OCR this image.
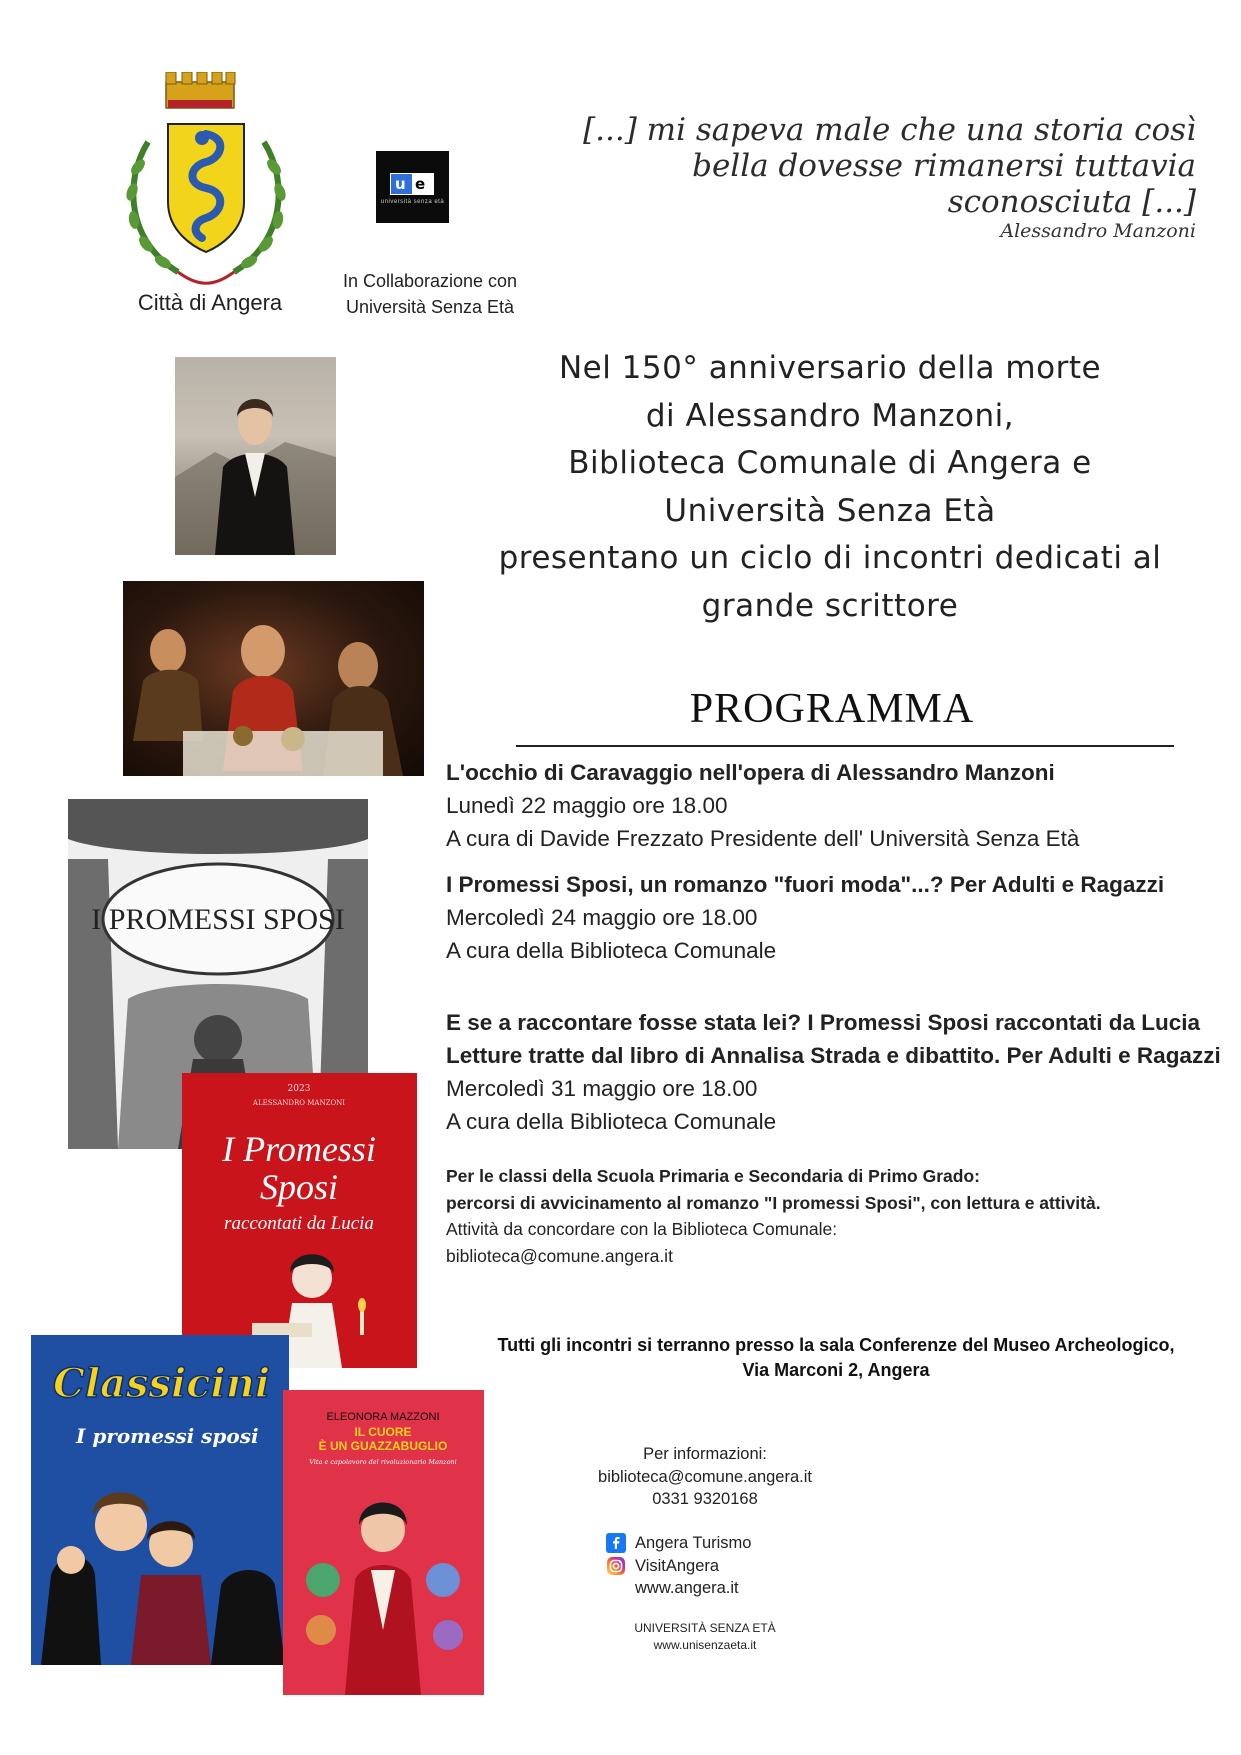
Città di Angera
u e
università senza età
In Collaborazione con
Università Senza Età
[...] mi sapeva male che una storia così
bella dovesse rimanersi tuttavia
sconosciuta [...]
Alessandro Manzoni
Nel 150° anniversario della morte
di Alessandro Manzoni,
Biblioteca Comunale di Angera e
Università Senza Età
presentano un ciclo di incontri dedicati al
grande scrittore
PROGRAMMA
L'occhio di Caravaggio nell'opera di Alessandro Manzoni
Lunedì 22 maggio ore 18.00
A cura di Davide Frezzato Presidente dell' Università Senza Età
I Promessi Sposi, un romanzo "fuori moda"...? Per Adulti e Ragazzi
Mercoledì 24 maggio ore 18.00
A cura della Biblioteca Comunale
E se a raccontare fosse stata lei? I Promessi Sposi raccontati da Lucia
Letture tratte dal libro di Annalisa Strada e dibattito. Per Adulti e Ragazzi
Mercoledì 31 maggio ore 18.00
A cura della Biblioteca Comunale
Per le classi della Scuola Primaria e Secondaria di Primo Grado:
percorsi di avvicinamento al romanzo "I promessi Sposi", con lettura e attività.
Attività da concordare con la Biblioteca Comunale:
biblioteca@comune.angera.it
Tutti gli incontri si terranno presso la sala Conferenze del Museo Archeologico,
Via Marconi 2, Angera
Per informazioni:
biblioteca@comune.angera.it
0331 9320168
Angera Turismo
VisitAngera
www.angera.it
UNIVERSITÀ SENZA ETÀ
www.unisenzaeta.it
I PROMESSI SPOSI
2023
ALESSANDRO MANZONI
I Promessi
Sposi
raccontati da Lucia
Classicini
I promessi sposi
ELEONORA MAZZONI
IL CUORE
È UN GUAZZABUGLIO
Vita e capolavoro del rivoluzionario Manzoni
